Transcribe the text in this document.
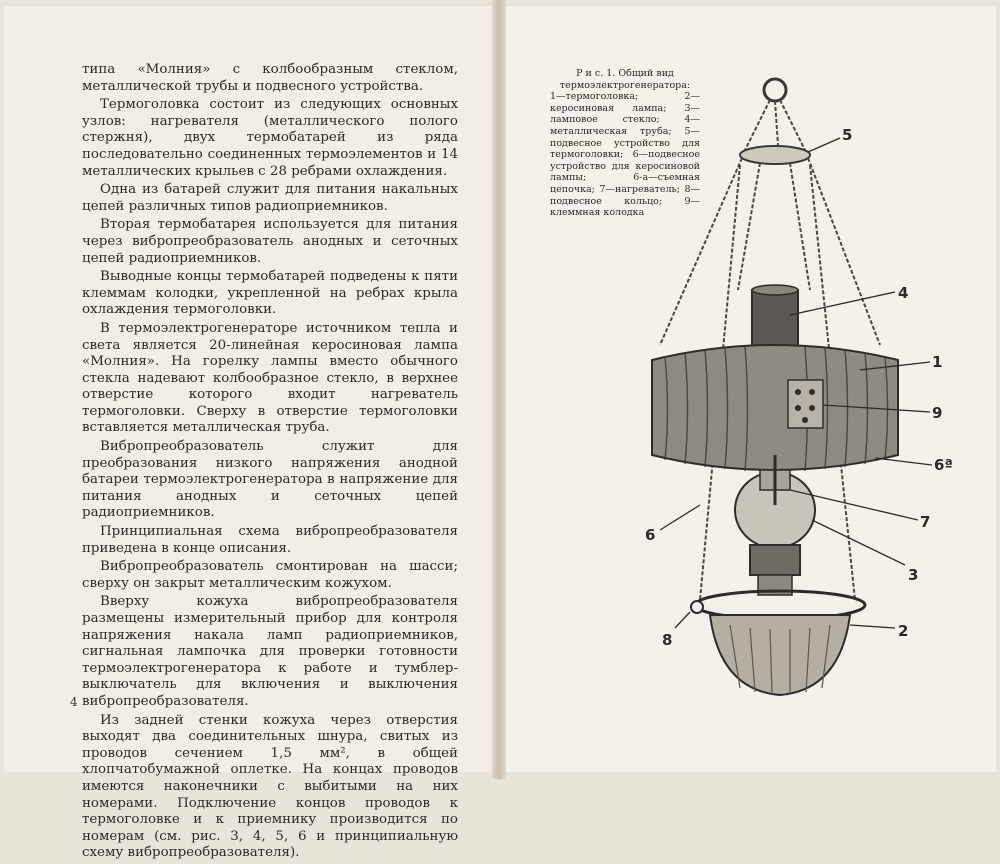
типа «Молния» с колбообразным стеклом, металлической трубы и подвесного устройства.

Термоголовка состоит из следующих основных узлов: нагревателя (металлического полого стержня), двух термобатарей из ряда последовательно соединенных термоэлементов и 14 металлических крыльев с 28 ребрами охлаждения.

Одна из батарей служит для питания накальных цепей различных типов радиоприемников.

Вторая термобатарея используется для питания через вибропреобразователь анодных и сеточных цепей радиоприемников.

Выводные концы термобатарей подведены к пяти клеммам колодки, укрепленной на ребрах крыла охлаждения термоголовки.

В термоэлектрогенераторе источником тепла и света является 20-линейная керосиновая лампа «Молния». На горелку лампы вместо обычного стекла надевают колбообразное стекло, в верхнее отверстие которого входит нагреватель термоголовки. Сверху в отверстие термоголовки вставляется металлическая труба.

Вибропреобразователь служит для преобразования низкого напряжения анодной батареи термоэлектрогенератора в напряжение для питания анодных и сеточных цепей радиоприемников.

Принципиальная схема вибропреобразователя приведена в конце описания.

Вибропреобразователь смонтирован на шасси; сверху он закрыт металлическим кожухом.

Вверху кожуха вибропреобразователя размещены измерительный прибор для контроля напряжения накала ламп радиоприемников, сигнальная лампочка для проверки готовности термоэлектрогенератора к работе и тумблер-выключатель для включения и выключения вибропреобразователя.

Из задней стенки кожуха через отверстия выходят два соединительных шнура, свитых из проводов сечением 1,5 мм², в общей хлопчатобумажной оплетке. На концах проводов имеются наконечники с выбитыми на них номерами. Подключение концов проводов к термоголовке и к приемнику производится по номерам (см. рис. 3, 4, 5, 6 и принципиальную схему вибропреобразователя).

4
Р и с. 1. Общий вид термоэлектрогенератора:
1—термоголовка; 2—керосиновая лампа; 3—ламповое стекло; 4—металлическая труба; 5—подвесное устройство для термоголовки; 6—подвесное устройство для керосиновой лампы; 6-а—съемная цепочка; 7—нагреватель; 8—подвесное кольцо; 9—клеммная колодка
5
4
1
9
6ª
7
3
6
2
8
